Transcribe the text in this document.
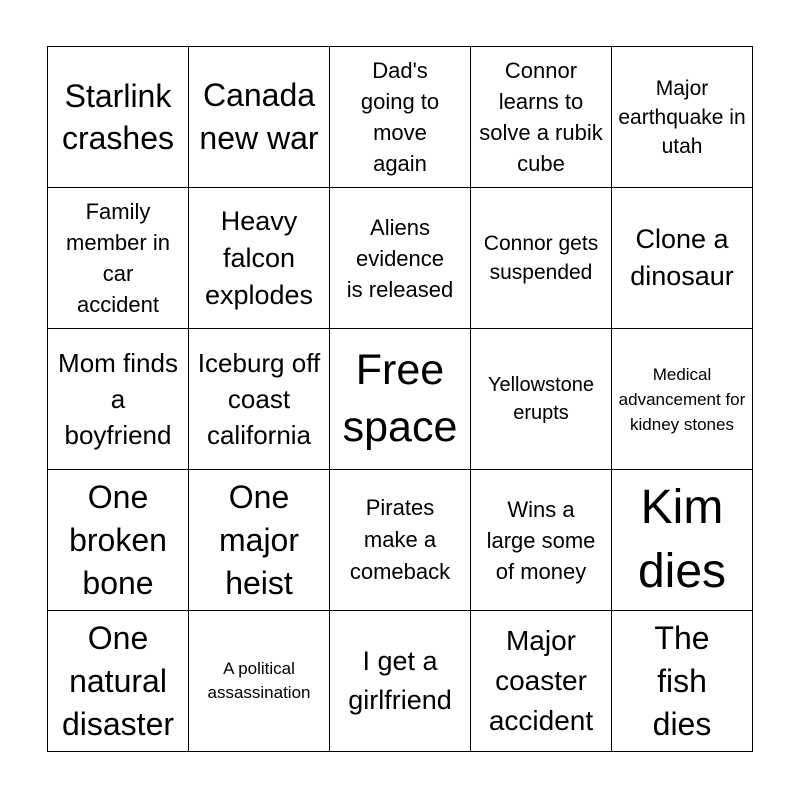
Starlink crashes
Canada new war
Dad's going to move again
Connor learns to solve a rubik cube
Major earthquake in utah
Family member in car accident
Heavy falcon explodes
Aliens evidence is released
Connor gets suspended
Clone a dinosaur
Mom finds a boyfriend
Iceburg off coast california
Free space
Yellowstone erupts
Medical advancement for kidney stones
One broken bone
One major heist
Pirates make a comeback
Wins a large some of money
Kim dies
One natural disaster
A political assassination
I get a girlfriend
Major coaster accident
The fish dies
